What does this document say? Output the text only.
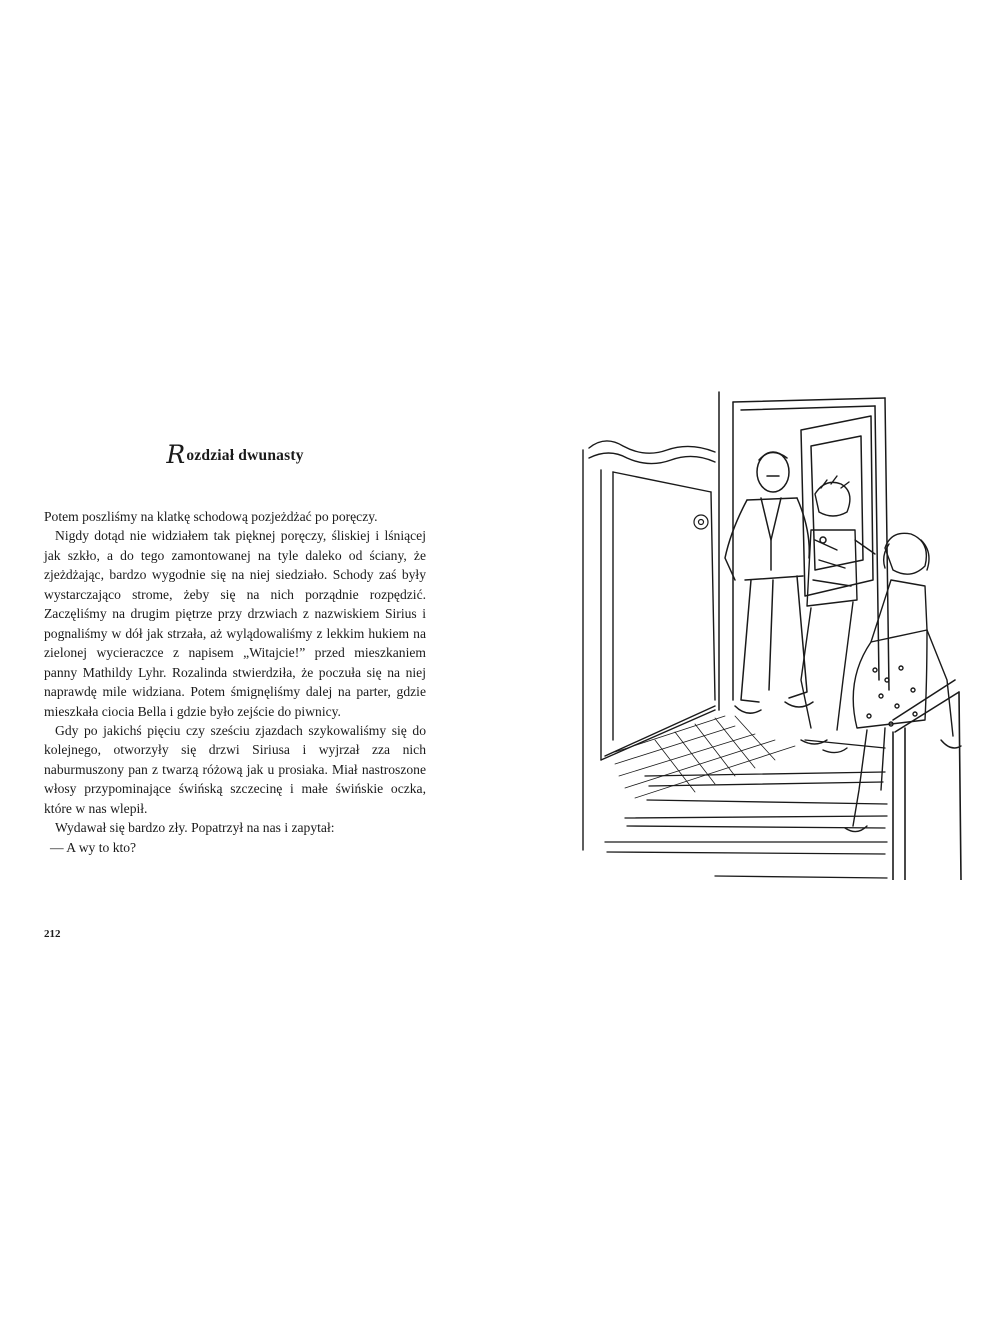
Rozdział dwunasty

Potem poszliśmy na klatkę schodową pozjeżdżać po poręczy.

Nigdy dotąd nie widziałem tak pięknej poręczy, śliskiej i lśniącej jak szkło, a do tego zamontowanej na tyle daleko od ściany, że zjeżdżając, bardzo wygodnie się na niej siedziało. Schody zaś były wystarczająco strome, żeby się na nich porządnie rozpędzić. Zaczęliśmy na drugim piętrze przy drzwiach z nazwiskiem Sirius i pognaliśmy w dół jak strzała, aż wylądowaliśmy z lekkim hukiem na zielonej wycieraczce z napisem „Witajcie!” przed mieszkaniem panny Mathildy Lyhr. Rozalinda stwierdziła, że poczuła się na niej naprawdę mile widziana. Potem śmignęliśmy dalej na parter, gdzie mieszkała ciocia Bella i gdzie było zejście do piwnicy.

Gdy po jakichś pięciu czy sześciu zjazdach szykowaliśmy się do kolejnego, otworzyły się drzwi Siriusa i wyjrzał zza nich naburmuszony pan z twarzą różową jak u prosiaka. Miał nastroszone włosy przypominające świńską szczecinę i małe świńskie oczka, które w nas wlepił.

Wydawał się bardzo zły. Popatrzył na nas i zapytał:

— A wy to kto?

212
